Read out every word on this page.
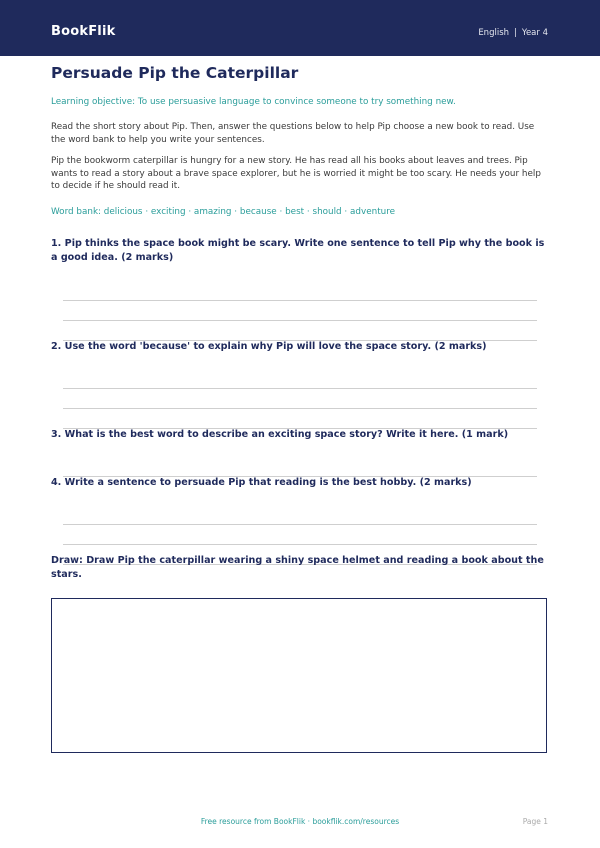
BookFlik	English | Year 4
Persuade Pip the Caterpillar
Learning objective: To use persuasive language to convince someone to try something new.
Read the short story about Pip. Then, answer the questions below to help Pip choose a new book to read. Use the word bank to help you write your sentences.
Pip the bookworm caterpillar is hungry for a new story. He has read all his books about leaves and trees. Pip wants to read a story about a brave space explorer, but he is worried it might be too scary. He needs your help to decide if he should read it.
Word bank: delicious · exciting · amazing · because · best · should · adventure
1. Pip thinks the space book might be scary. Write one sentence to tell Pip why the book is a good idea. (2 marks)
2. Use the word 'because' to explain why Pip will love the space story. (2 marks)
3. What is the best word to describe an exciting space story? Write it here. (1 mark)
4. Write a sentence to persuade Pip that reading is the best hobby. (2 marks)
Draw: Draw Pip the caterpillar wearing a shiny space helmet and reading a book about the stars.
Free resource from BookFlik · bookflik.com/resources	Page 1
